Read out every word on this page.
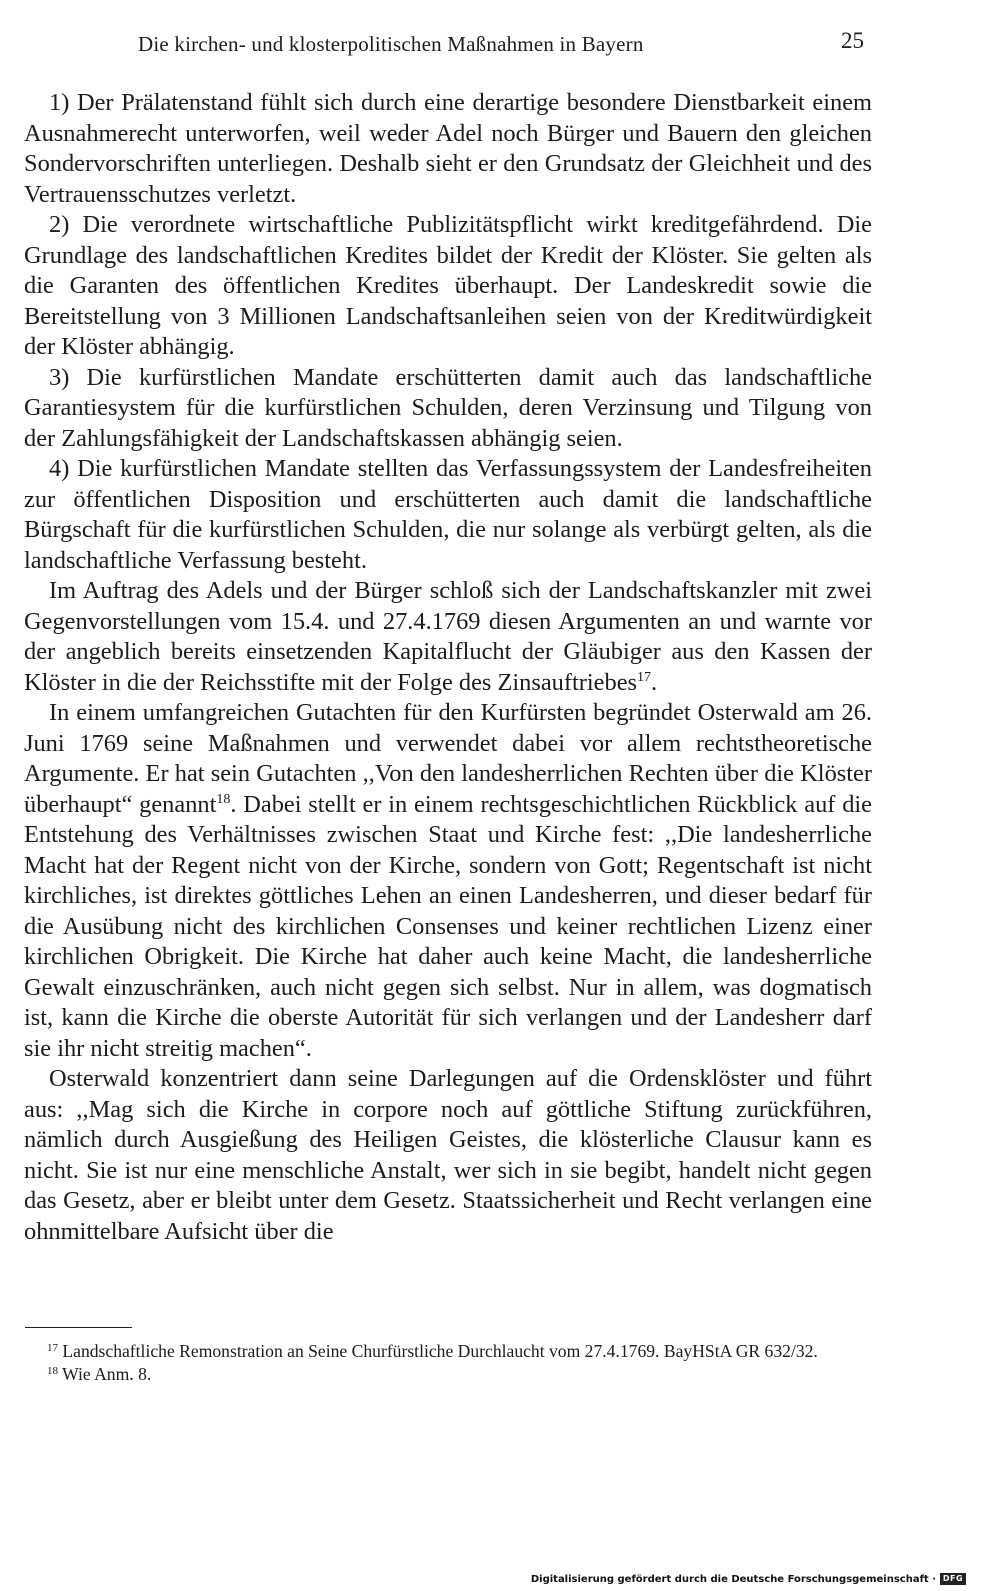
Die kirchen- und klosterpolitischen Maßnahmen in Bayern	25

1) Der Prälatenstand fühlt sich durch eine derartige besondere Dienstbarkeit einem Ausnahmerecht unterworfen, weil weder Adel noch Bürger und Bauern den gleichen Sondervorschriften unterliegen. Deshalb sieht er den Grundsatz der Gleichheit und des Vertrauensschutzes verletzt.

2) Die verordnete wirtschaftliche Publizitätspflicht wirkt kreditgefährdend. Die Grundlage des landschaftlichen Kredites bildet der Kredit der Klöster. Sie gelten als die Garanten des öffentlichen Kredites überhaupt. Der Landeskredit sowie die Bereitstellung von 3 Millionen Landschaftsanleihen seien von der Kreditwürdigkeit der Klöster abhängig.

3) Die kurfürstlichen Mandate erschütterten damit auch das landschaftliche Garantiesystem für die kurfürstlichen Schulden, deren Verzinsung und Tilgung von der Zahlungsfähigkeit der Landschaftskassen abhängig seien.

4) Die kurfürstlichen Mandate stellten das Verfassungssystem der Landesfreiheiten zur öffentlichen Disposition und erschütterten auch damit die landschaftliche Bürgschaft für die kurfürstlichen Schulden, die nur solange als verbürgt gelten, als die landschaftliche Verfassung besteht.

Im Auftrag des Adels und der Bürger schloß sich der Landschaftskanzler mit zwei Gegenvorstellungen vom 15.4. und 27.4.1769 diesen Argumenten an und warnte vor der angeblich bereits einsetzenden Kapitalflucht der Gläubiger aus den Kassen der Klöster in die der Reichsstifte mit der Folge des Zinsauftriebes$^{17}$.

In einem umfangreichen Gutachten für den Kurfürsten begründet Osterwald am 26. Juni 1769 seine Maßnahmen und verwendet dabei vor allem rechtstheoretische Argumente. Er hat sein Gutachten ,,Von den landesherrlichen Rechten über die Klöster überhaupt“ genannt$^{18}$. Dabei stellt er in einem rechtsgeschichtlichen Rückblick auf die Entstehung des Verhältnisses zwischen Staat und Kirche fest: ,,Die landesherrliche Macht hat der Regent nicht von der Kirche, sondern von Gott; Regentschaft ist nicht kirchliches, ist direktes göttliches Lehen an einen Landesherren, und dieser bedarf für die Ausübung nicht des kirchlichen Consenses und keiner rechtlichen Lizenz einer kirchlichen Obrigkeit. Die Kirche hat daher auch keine Macht, die landesherrliche Gewalt einzuschränken, auch nicht gegen sich selbst. Nur in allem, was dogmatisch ist, kann die Kirche die oberste Autorität für sich verlangen und der Landesherr darf sie ihr nicht streitig machen“.

Osterwald konzentriert dann seine Darlegungen auf die Ordensklöster und führt aus: ,,Mag sich die Kirche in corpore noch auf göttliche Stiftung zurückführen, nämlich durch Ausgießung des Heiligen Geistes, die klösterliche Clausur kann es nicht. Sie ist nur eine menschliche Anstalt, wer sich in sie begibt, handelt nicht gegen das Gesetz, aber er bleibt unter dem Gesetz. Staatssicherheit und Recht verlangen eine ohnmittelbare Aufsicht über die

$^{17}$ Landschaftliche Remonstration an Seine Churfürstliche Durchlaucht vom 27.4.1769. BayHStA GR 632/32.

$^{18}$ Wie Anm. 8.

Digitalisierung gefördert durch die Deutsche Forschungsgemeinschaft · DFG
